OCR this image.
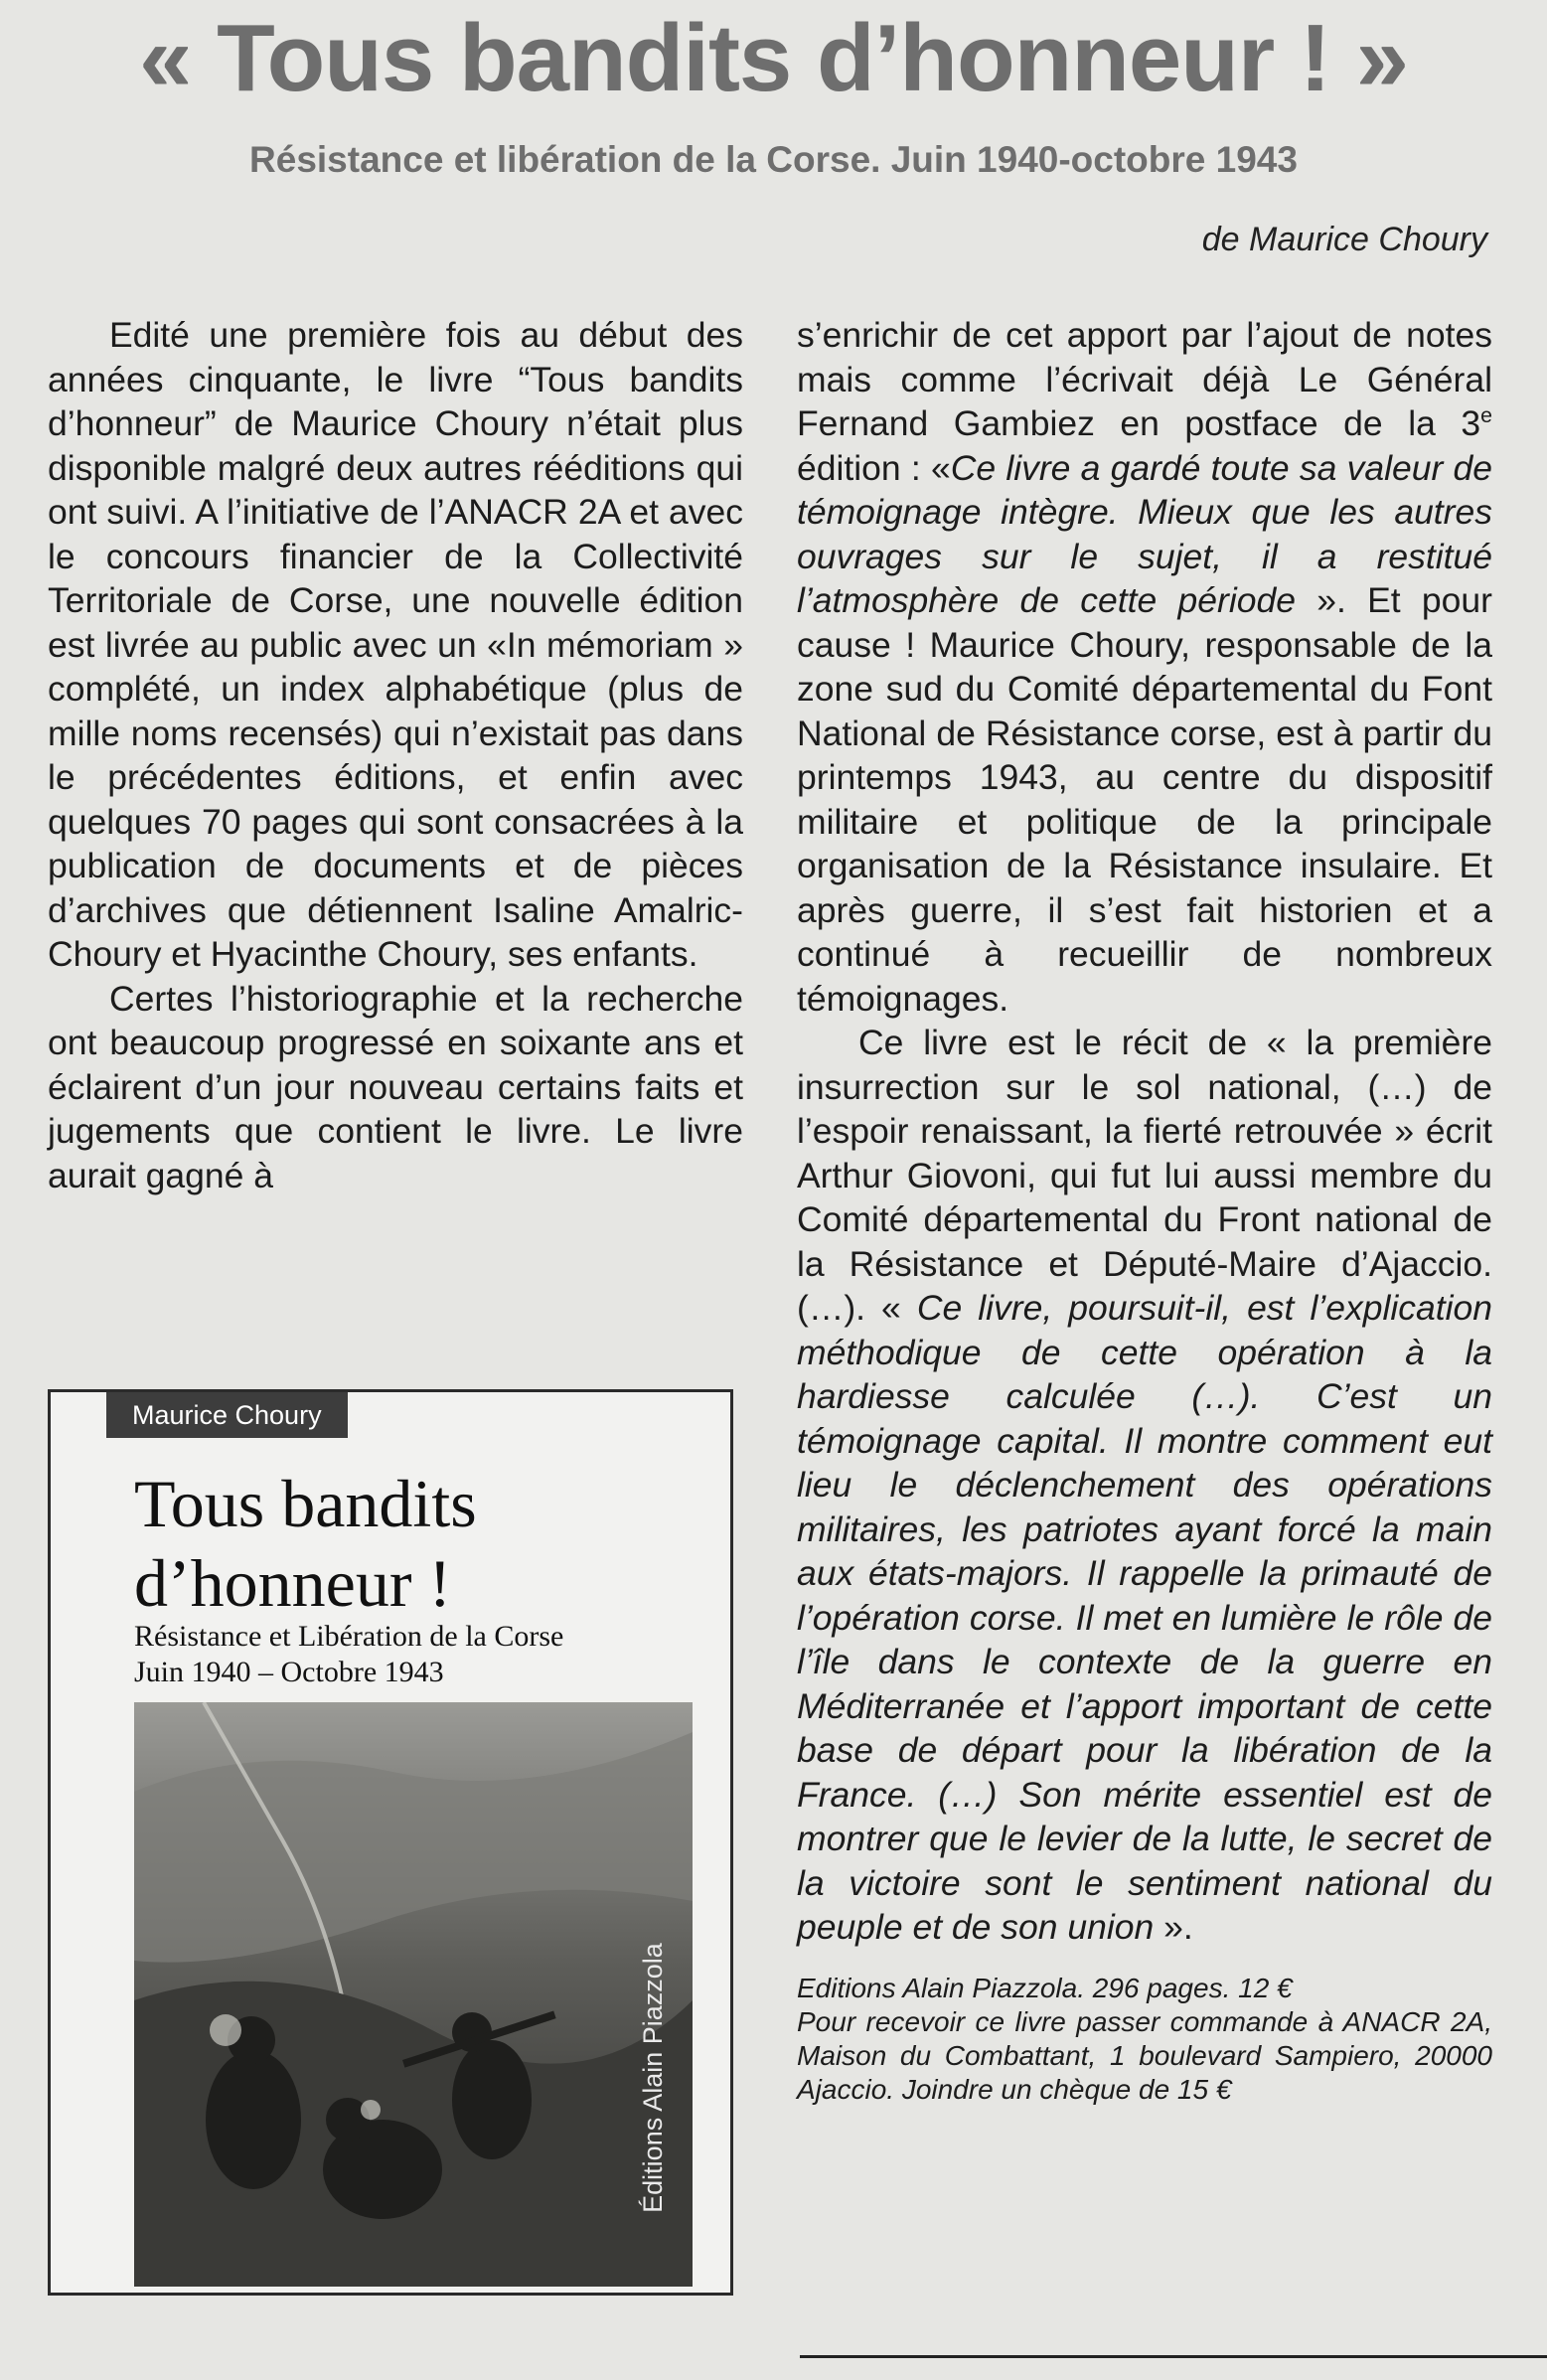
« Tous bandits d’honneur ! »
Résistance et libération de la Corse. Juin 1940-octobre 1943
de Maurice Choury

Edité une première fois au début des années cinquante, le livre “Tous bandits d’honneur” de Maurice Choury n’était plus disponible malgré deux autres rééditions qui ont suivi. A l’initiative de l’ANACR 2A et avec le concours financier de la Collectivité Territoriale de Corse, une nouvelle édition est livrée au public avec un «In mémoriam » complété, un index alphabétique (plus de mille noms recensés) qui n’existait pas dans le précédentes éditions, et enfin avec quelques 70 pages qui sont consacrées à la publication de documents et de pièces d’archives que détiennent Isaline Amalric-Choury et Hyacinthe Choury, ses enfants.

Certes l’historiographie et la recherche ont beaucoup progressé en soixante ans et éclairent d’un jour nouveau certains faits et jugements que contient le livre. Le livre aurait gagné à

Maurice Choury
Tous bandits
d’honneur !
Résistance et Libération de la Corse
Juin 1940 – Octobre 1943
Éditions Alain Piazzola

s’enrichir de cet apport par l’ajout de notes mais comme l’écrivait déjà Le Général Fernand Gambiez en postface de la 3e édition : «Ce livre a gardé toute sa valeur de témoignage intègre. Mieux que les autres ouvrages sur le sujet, il a restitué l’atmosphère de cette période ». Et pour cause ! Maurice Choury, responsable de la zone sud du Comité départemental du Font National de Résistance corse, est à partir du printemps 1943, au centre du dispositif militaire et politique de la principale organisation de la Résistance insulaire. Et après guerre, il s’est fait historien et a continué à recueillir de nombreux témoignages.

Ce livre est le récit de « la première insurrection sur le sol national, (…) de l’espoir renaissant, la fierté retrouvée » écrit Arthur Giovoni, qui fut lui aussi membre du Comité départemental du Front national de la Résistance et Député-Maire d’Ajaccio. (…). « Ce livre, poursuit-il, est l’explication méthodique de cette opération à la hardiesse calculée (…). C’est un témoignage capital. Il montre comment eut lieu le déclenchement des opérations militaires, les patriotes ayant forcé la main aux états-majors. Il rappelle la primauté de l’opération corse. Il met en lumière le rôle de l’île dans le contexte de la guerre en Méditerranée et l’apport important de cette base de départ pour la libération de la France. (…) Son mérite essentiel est de montrer que le levier de la lutte, le secret de la victoire sont le sentiment national du peuple et de son union ».

Editions Alain Piazzola. 296 pages. 12 €
Pour recevoir ce livre passer commande à ANACR 2A, Maison du Combattant, 1 boulevard Sampiero, 20000 Ajaccio. Joindre un chèque de 15 €
